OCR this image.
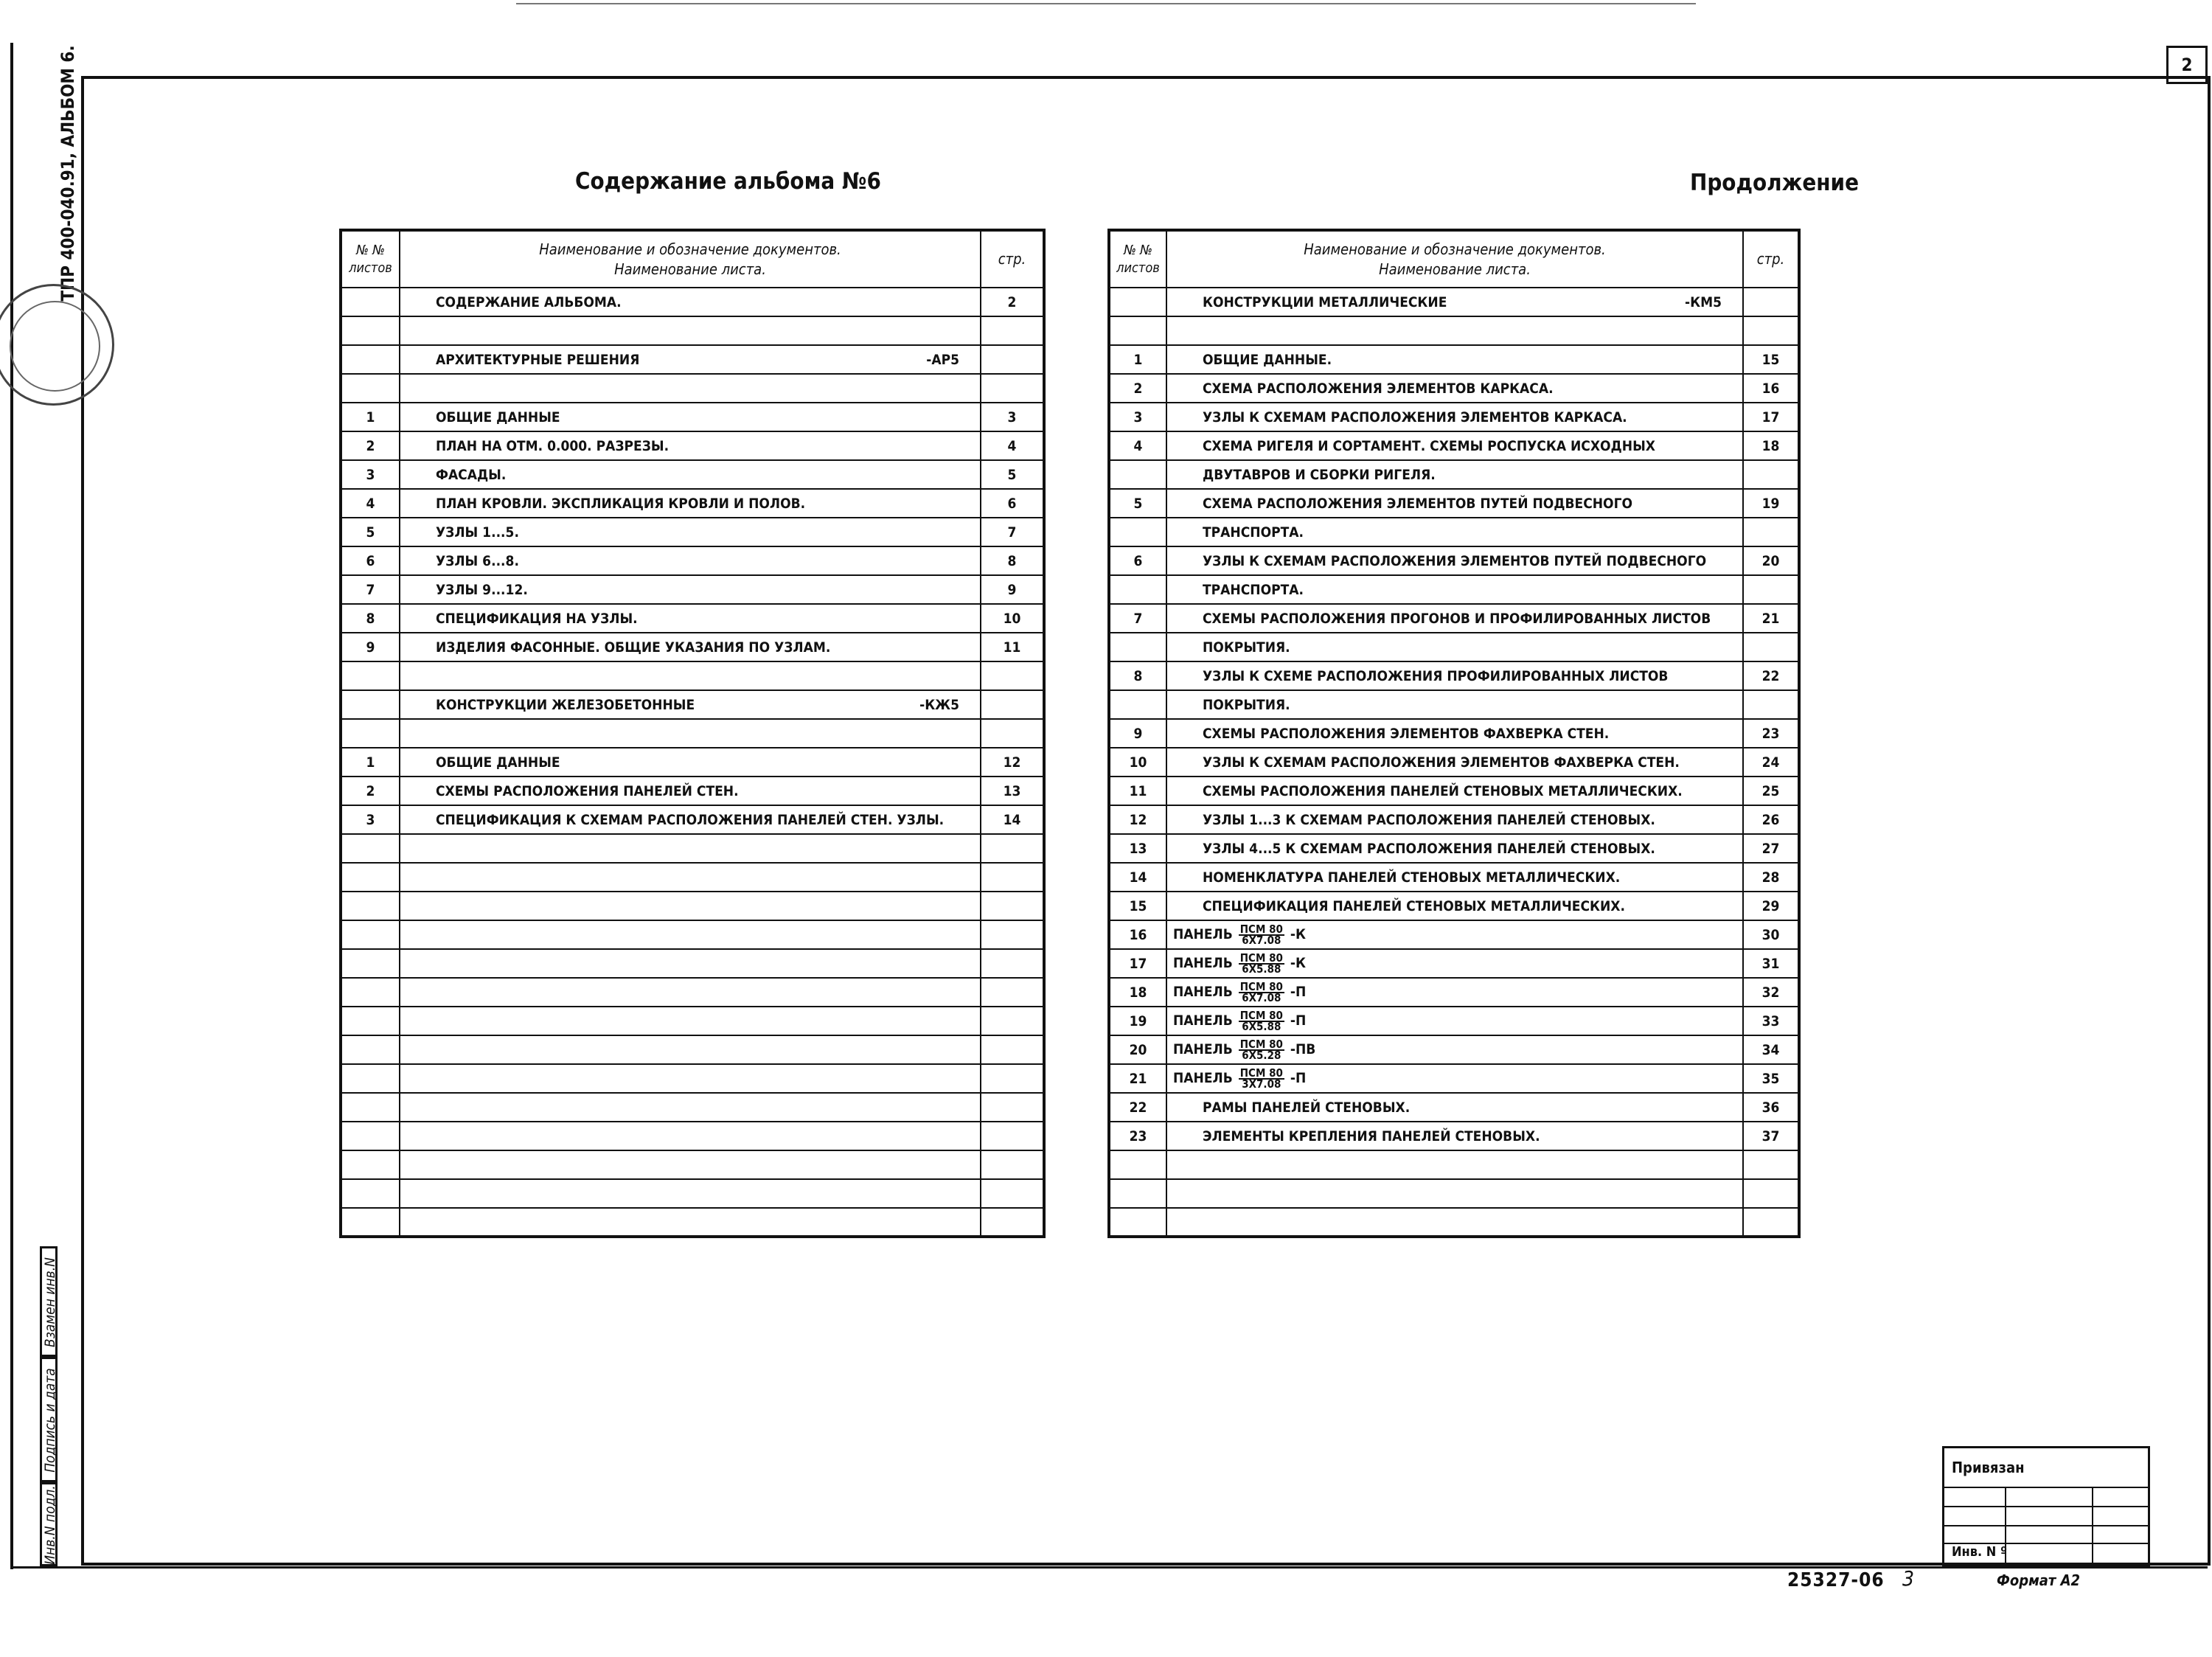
2
ТПР 400-040.91, АЛЬБОМ 6.
Взамен инв.N
Подпись и дата
Инв.N подл.
Содержание альбома №6	Продолжение
№ № листов	Наименование и обозначение документов.
Наименование листа.	стр.

	СОДЕРЖАНИЕ АЛЬБОМА.	2

	АРХИТЕКТУРНЫЕ РЕШЕНИЯ -АР5	

1	ОБЩИЕ ДАННЫЕ	3
2	ПЛАН НА ОТМ. 0.000. РАЗРЕЗЫ.	4
3	ФАСАДЫ.	5
4	ПЛАН КРОВЛИ. ЭКСПЛИКАЦИЯ КРОВЛИ И ПОЛОВ.	6
5	УЗЛЫ 1...5.	7
6	УЗЛЫ 6...8.	8
7	УЗЛЫ 9...12.	9
8	СПЕЦИФИКАЦИЯ НА УЗЛЫ.	10
9	ИЗДЕЛИЯ ФАСОННЫЕ. ОБЩИЕ УКАЗАНИЯ ПО УЗЛАМ.	11

	КОНСТРУКЦИИ ЖЕЛЕЗОБЕТОННЫЕ -КЖ5	

1	ОБЩИЕ ДАННЫЕ	12
2	СХЕМЫ РАСПОЛОЖЕНИЯ ПАНЕЛЕЙ СТЕН.	13
3	СПЕЦИФИКАЦИЯ К СХЕМАМ РАСПОЛОЖЕНИЯ ПАНЕЛЕЙ СТЕН. УЗЛЫ.	14

№ № листов	Наименование и обозначение документов.
Наименование листа.	стр.

	КОНСТРУКЦИИ МЕТАЛЛИЧЕСКИЕ -КМ5	

1	ОБЩИЕ ДАННЫЕ.	15
2	СХЕМА РАСПОЛОЖЕНИЯ ЭЛЕМЕНТОВ КАРКАСА.	16
3	УЗЛЫ К СХЕМАМ РАСПОЛОЖЕНИЯ ЭЛЕМЕНТОВ КАРКАСА.	17
4	СХЕМА РИГЕЛЯ И СОРТАМЕНТ. СХЕМЫ РОСПУСКА ИСХОДНЫХ	18

	ДВУТАВРОВ И СБОРКИ РИГЕЛЯ.	

5	СХЕМА РАСПОЛОЖЕНИЯ ЭЛЕМЕНТОВ ПУТЕЙ ПОДВЕСНОГО	19

	ТРАНСПОРТА.	

6	УЗЛЫ К СХЕМАМ РАСПОЛОЖЕНИЯ ЭЛЕМЕНТОВ ПУТЕЙ ПОДВЕСНОГО	20

	ТРАНСПОРТА.	

7	СХЕМЫ РАСПОЛОЖЕНИЯ ПРОГОНОВ И ПРОФИЛИРОВАННЫХ ЛИСТОВ	21

	ПОКРЫТИЯ.	

8	УЗЛЫ К СХЕМЕ РАСПОЛОЖЕНИЯ ПРОФИЛИРОВАННЫХ ЛИСТОВ	22

	ПОКРЫТИЯ.	

9	СХЕМЫ РАСПОЛОЖЕНИЯ ЭЛЕМЕНТОВ ФАХВЕРКА СТЕН.	23
10	УЗЛЫ К СХЕМАМ РАСПОЛОЖЕНИЯ ЭЛЕМЕНТОВ ФАХВЕРКА СТЕН.	24
11	СХЕМЫ РАСПОЛОЖЕНИЯ ПАНЕЛЕЙ СТЕНОВЫХ МЕТАЛЛИЧЕСКИХ.	25
12	УЗЛЫ 1...3 К СХЕМАМ РАСПОЛОЖЕНИЯ ПАНЕЛЕЙ СТЕНОВЫХ.	26
13	УЗЛЫ 4...5 К СХЕМАМ РАСПОЛОЖЕНИЯ ПАНЕЛЕЙ СТЕНОВЫХ.	27
14	НОМЕНКЛАТУРА ПАНЕЛЕЙ СТЕНОВЫХ МЕТАЛЛИЧЕСКИХ.	28
15	СПЕЦИФИКАЦИЯ ПАНЕЛЕЙ СТЕНОВЫХ МЕТАЛЛИЧЕСКИХ.	29
16	ПАНЕЛЬ $\frac{\text{ПСМ 80}}{6X7.08} -К$	30
17	ПАНЕЛЬ $\frac{\text{ПСМ 80}}{6X5.88} -К$	31
18	ПАНЕЛЬ $\frac{\text{ПСМ 80}}{6X7.08} -П$	32
19	ПАНЕЛЬ $\frac{\text{ПСМ 80}}{6X5.88} -П$	33
20	ПАНЕЛЬ $\frac{\text{ПСМ 80}}{6X5.28} -ПВ$	34
21	ПАНЕЛЬ $\frac{\text{ПСМ 80}}{3X7.08} -П$	35
22	РАМЫ ПАНЕЛЕЙ СТЕНОВЫХ.	36
23	ЭЛЕМЕНТЫ КРЕПЛЕНИЯ ПАНЕЛЕЙ СТЕНОВЫХ.	37

Привязан
Инв. N º
25327-06 3	Формат А2
